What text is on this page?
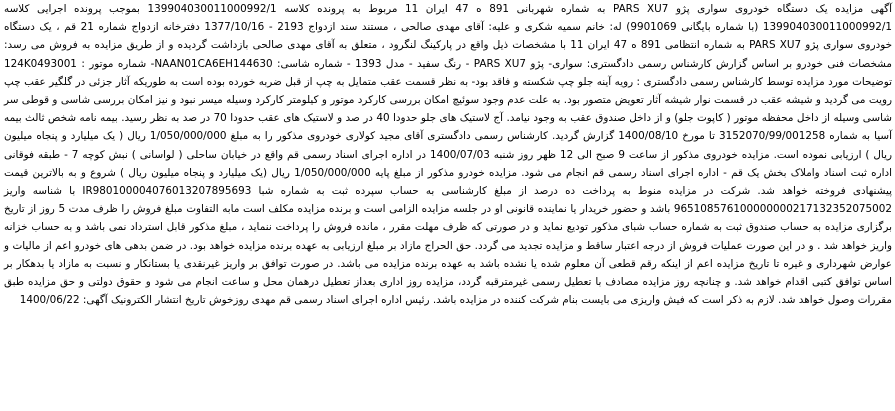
آگهی مزایده یک دستگاه خودروی سواری پژو PARS XU7 به شماره شهربانی 891 ه 47 ایران 11 مربوط به پرونده کلاسه 139904030011000992/1 بموجب پرونده اجرایی کلاسه 139904030011000992/1 (با شماره بایگانی 9901069) له: خانم سمیه شکری و علیه: آقای مهدی صالحی ، مستند سند ازدواج 2193 - 1377/10/16 دفترخانه ازدواج شماره 21 قم ، یک دستگاه خودروی سواری پژو PARS XU7 به شماره انتظامی 891 ه 47 ایران 11 با مشخصات ذیل واقع در پارکینگ لنگرود ، متعلق به آقای مهدی صالحی بازداشت گردیده و از طریق مزایده به فروش می رسد: مشخصات فنی خودرو بر اساس گزارش کارشناس رسمی دادگستری: سواری- پژو PARS XU7 - رنگ سفید - مدل 1393 - شماره شاسی: NAAN01CA6EH144630- شماره موتور : 124K0493001 توضیحات مورد مزایده توسط کارشناس رسمی دادگستری : رویه آینه جلو چپ شکسته و فاقد بود- به نظر قسمت عقب متمایل به چپ از قبل ضربه خورده بوده است به طوریکه آثار جزئی در گلگیر عقب چپ رویت می گردید و شیشه عقب در قسمت نوار شیشه آثار تعویض متصور بود. به علت عدم وجود سوئیچ امکان بررسی کارکرد موتور و کیلومتر کارکرد وسیله میسر نبود و نیز امکان بررسی شاسی و قوطی سر شاسی وسیله از داخل محفظه موتور ( کاپوت جلو) و از داخل صندوق عقب به وجود نیامد. آج لاستیک های جلو حدودا 40 در صد و لاستیک های عقب حدودا 70 در صد به نظر رسید. بیمه نامه شخص ثالث بیمه آسیا به شماره 3152070/99/001258 تا مورخ 1400/08/10 گزارش گردید. کارشناس رسمی دادگستری آقای مجید کولاری خودروی مذکور را به مبلغ 1/050/000/000 ریال ( یک میلیارد و پنجاه میلیون ریال ) ارزیابی نموده است. مزایده خودروی مذکور از ساعت 9 صبح الی 12 ظهر روز شنبه 1400/07/03 در اداره اجرای اسناد رسمی قم واقع در خیابان ساحلی ( لواسانی ) نبش کوچه 7 - طبقه فوقانی اداره ثبت اسناد واملاک بخش یک قم - اداره اجرای اسناد رسمی قم انجام می شود. مزایده خودرو مذکور از مبلغ پایه 1/050/000/000 ریال (یک میلیارد و پنجاه میلیون ریال ) شروع و به بالاترین قیمت پیشنهادی فروخته خواهد شد. شرکت در مزایده منوط به پرداخت ده درصد از مبلغ کارشناسی به حساب سپرده ثبت به شماره شبا IR980100004076013207895693 با شناسه واریز 965108576100000000217132352075002 باشد و حضور خریدار یا نماینده قانونی او در جلسه مزایده الزامی است و برنده مزایده مکلف است مابه التفاوت مبلغ فروش را ظرف مدت 5 روز از تاریخ برگزاری مزایده به حساب صندوق ثبت به شماره حساب شبای مذکور تودیع نماید و در صورتی که ظرف مهلت مقرر ، مانده فروش را پرداخت ننماید ، مبلغ مذکور قابل استرداد نمی باشد و به حساب خزانه واریز خواهد شد . و در این صورت عملیات فروش از درجه اعتبار ساقط و مزایده تجدید می گردد. حق الحراج مازاد بر مبلغ ارزیابی به عهده برنده مزایده خواهد بود. در ضمن بدهی های خودرو اعم از مالیات و عوارض شهرداری و غیره تا تاریخ مزایده اعم از اینکه رقم قطعی آن معلوم شده یا نشده باشد به عهده برنده مزایده می باشد. در صورت توافق بر واریز غیرنقدی یا بستانکار و نسبت به مازاد یا بدهکار بر اساس توافق کتبی اقدام خواهد شد. و چنانچه روز مزایده مصادف با تعطیل رسمی غیرمترقبه گردد، مزایده روز اداری بعداز تعطیل درهمان محل و ساعت انجام می شود و حقوق دولتی و حق مزایده طبق مقررات وصول خواهد شد. لازم به ذکر است که فیش واریزی می بایست بنام شرکت کننده در مزایده باشد. رئیس اداره اجرای اسناد رسمی قم مهدی روزخوش تاریخ انتشار الکترونیک آگهی: 1400/06/22
